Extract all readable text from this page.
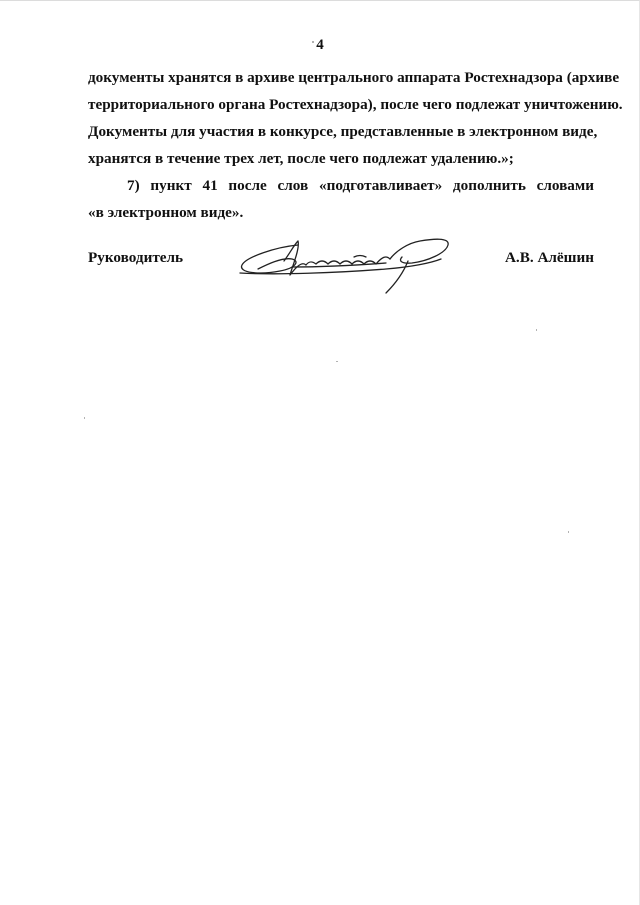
4
документы хранятся в архиве центрального аппарата Ростехнадзора (архиве
территориального органа Ростехнадзора), после чего подлежат уничтожению.
Документы для участия в конкурсе, представленные в электронном виде,
хранятся в течение трех лет, после чего подлежат удалению.»;
7) пункт 41 после слов «подготавливает» дополнить словами
«в электронном виде».
Руководитель	А.В. Алёшин
